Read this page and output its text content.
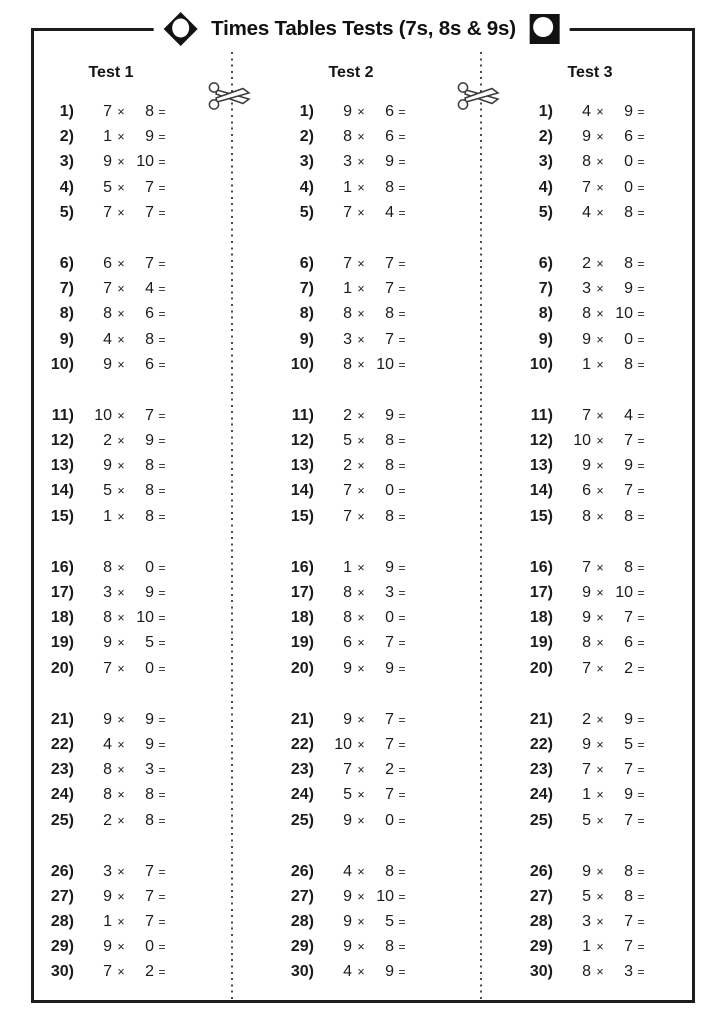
Times Tables Tests (7s, 8s & 9s)
Test 1
1)	7 ×	8 =
2)	1 ×	9 =
3)	9 × 10 =
4)	5 ×	7 =
5)	7 ×	7 =
6)	6 ×	7 =
7)	7 ×	4 =
8)	8 ×	6 =
9)	4 ×	8 =
10)	9 ×	6 =
11)	10 ×	7 =
12)	2 ×	9 =
13)	9 ×	8 =
14)	5 ×	8 =
15)	1 ×	8 =
16)	8 ×	0 =
17)	3 ×	9 =
18)	8 × 10 =
19)	9 ×	5 =
20)	7 ×	0 =
21)	9 ×	9 =
22)	4 ×	9 =
23)	8 ×	3 =
24)	8 ×	8 =
25)	2 ×	8 =
26)	3 ×	7 =
27)	9 ×	7 =
28)	1 ×	7 =
29)	9 ×	0 =
30)	7 ×	2 =
Test 2
1)	9 ×	6 =
2)	8 ×	6 =
3)	3 ×	9 =
4)	1 ×	8 =
5)	7 ×	4 =
6)	7 ×	7 =
7)	1 ×	7 =
8)	8 ×	8 =
9)	3 ×	7 =
10)	8 × 10 =
11)	2 ×	9 =
12)	5 ×	8 =
13)	2 ×	8 =
14)	7 ×	0 =
15)	7 ×	8 =
16)	1 ×	9 =
17)	8 ×	3 =
18)	8 ×	0 =
19)	6 ×	7 =
20)	9 ×	9 =
21)	9 ×	7 =
22)	10 ×	7 =
23)	7 ×	2 =
24)	5 ×	7 =
25)	9 ×	0 =
26)	4 ×	8 =
27)	9 × 10 =
28)	9 ×	5 =
29)	9 ×	8 =
30)	4 ×	9 =
Test 3
1)	4 ×	9 =
2)	9 ×	6 =
3)	8 ×	0 =
4)	7 ×	0 =
5)	4 ×	8 =
6)	2 ×	8 =
7)	3 ×	9 =
8)	8 × 10 =
9)	9 ×	0 =
10)	1 ×	8 =
11)	7 ×	4 =
12)	10 ×	7 =
13)	9 ×	9 =
14)	6 ×	7 =
15)	8 ×	8 =
16)	7 ×	8 =
17)	9 × 10 =
18)	9 ×	7 =
19)	8 ×	6 =
20)	7 ×	2 =
21)	2 ×	9 =
22)	9 ×	5 =
23)	7 ×	7 =
24)	1 ×	9 =
25)	5 ×	7 =
26)	9 ×	8 =
27)	5 ×	8 =
28)	3 ×	7 =
29)	1 ×	7 =
30)	8 ×	3 =
